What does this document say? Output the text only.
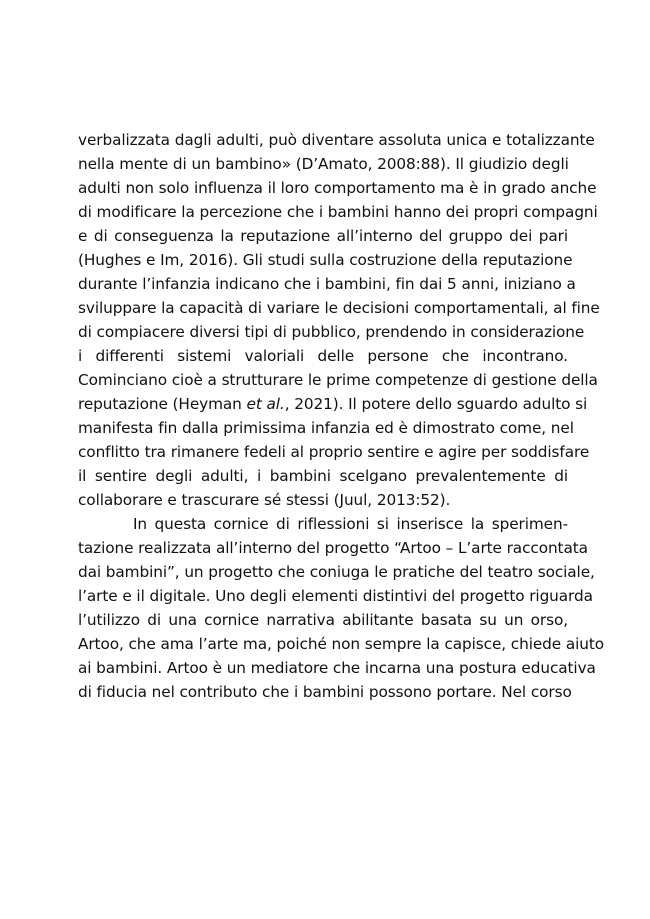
verbalizzata dagli adulti, può diventare assoluta unica e totalizzante
nella mente di un bambino» (D’Amato, 2008:88). Il giudizio degli
adulti non solo influenza il loro comportamento ma è in grado anche
di modificare la percezione che i bambini hanno dei propri compagni
e di conseguenza la reputazione all’interno del gruppo dei pari
(Hughes e Im, 2016). Gli studi sulla costruzione della reputazione
durante l’infanzia indicano che i bambini, fin dai 5 anni, iniziano a
sviluppare la capacità di variare le decisioni comportamentali, al fine
di compiacere diversi tipi di pubblico, prendendo in considerazione
i differenti sistemi valoriali delle persone che incontrano.
Cominciano cioè a strutturare le prime competenze di gestione della
reputazione (Heyman et al., 2021). Il potere dello sguardo adulto si
manifesta fin dalla primissima infanzia ed è dimostrato come, nel
conflitto tra rimanere fedeli al proprio sentire e agire per soddisfare
il sentire degli adulti, i bambini scelgano prevalentemente di
collaborare e trascurare sé stessi (Juul, 2013:52).
In questa cornice di riflessioni si inserisce la sperimen-
tazione realizzata all’interno del progetto “Artoo – L’arte raccontata
dai bambini”, un progetto che coniuga le pratiche del teatro sociale,
l’arte e il digitale. Uno degli elementi distintivi del progetto riguarda
l’utilizzo di una cornice narrativa abilitante basata su un orso,
Artoo, che ama l’arte ma, poiché non sempre la capisce, chiede aiuto
ai bambini. Artoo è un mediatore che incarna una postura educativa
di fiducia nel contributo che i bambini possono portare. Nel corso
